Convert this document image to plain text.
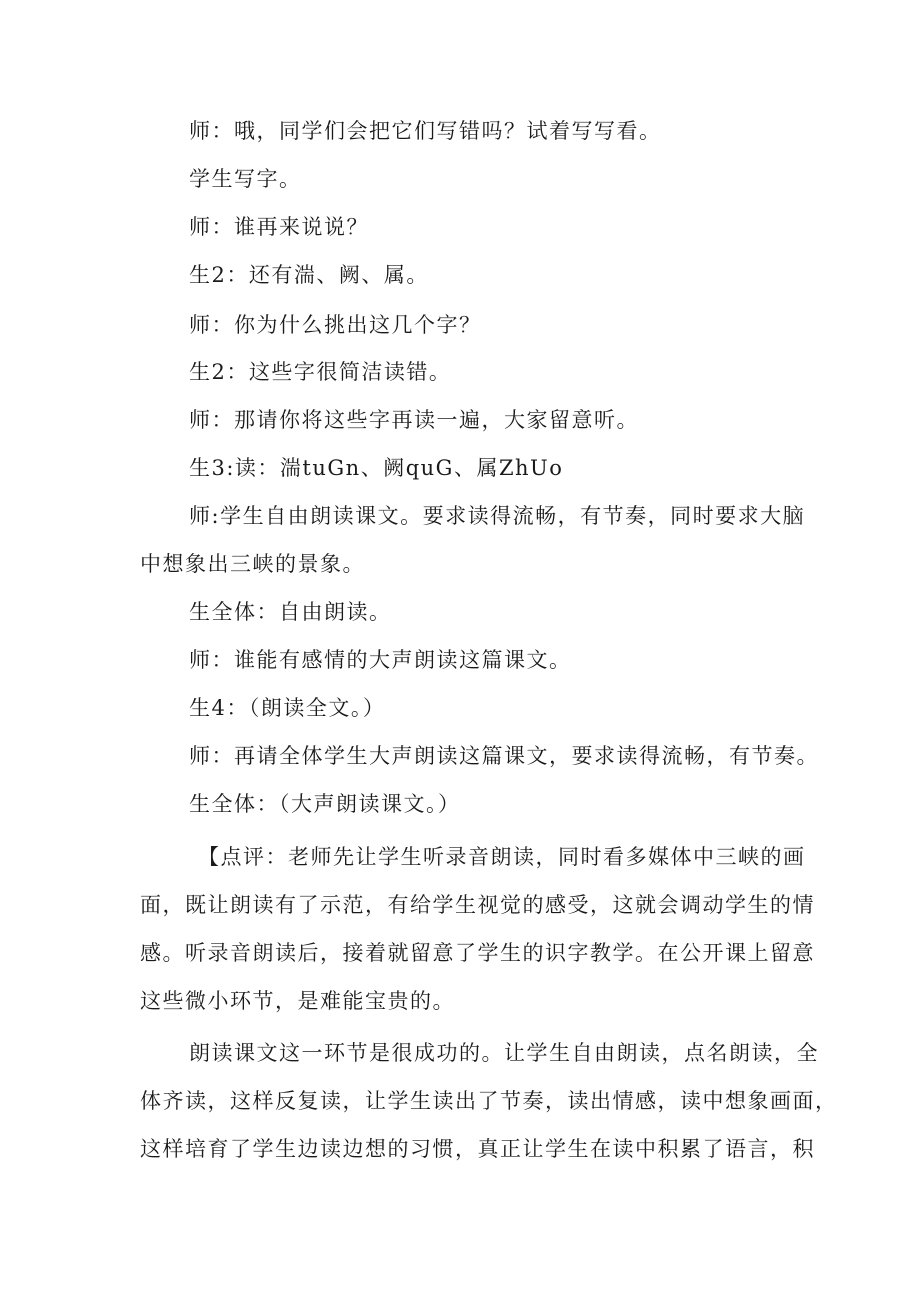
师：哦，同学们会把它们写错吗？试着写写看。
学生写字。
师：谁再来说说？
生2：还有湍、阙、属。
师：你为什么挑出这几个字？
生2：这些字很简洁读错。
师：那请你将这些字再读一遍，大家留意听。
生3:读：湍tuGn、阙quG、属ZhUo
师:学生自由朗读课文。要求读得流畅，有节奏，同时要求大脑
中想象出三峡的景象。
生全体：自由朗读。
师：谁能有感情的大声朗读这篇课文。
生4：（朗读全文。）
师：再请全体学生大声朗读这篇课文，要求读得流畅，有节奏。
生全体：（大声朗读课文。）
【点评：老师先让学生听录音朗读，同时看多媒体中三峡的画
面，既让朗读有了示范，有给学生视觉的感受，这就会调动学生的情
感。听录音朗读后，接着就留意了学生的识字教学。在公开课上留意
这些微小环节，是难能宝贵的。
朗读课文这一环节是很成功的。让学生自由朗读，点名朗读，全
体齐读，这样反复读，让学生读出了节奏，读出情感，读中想象画面，
这样培育了学生边读边想的习惯，真正让学生在读中积累了语言，积
